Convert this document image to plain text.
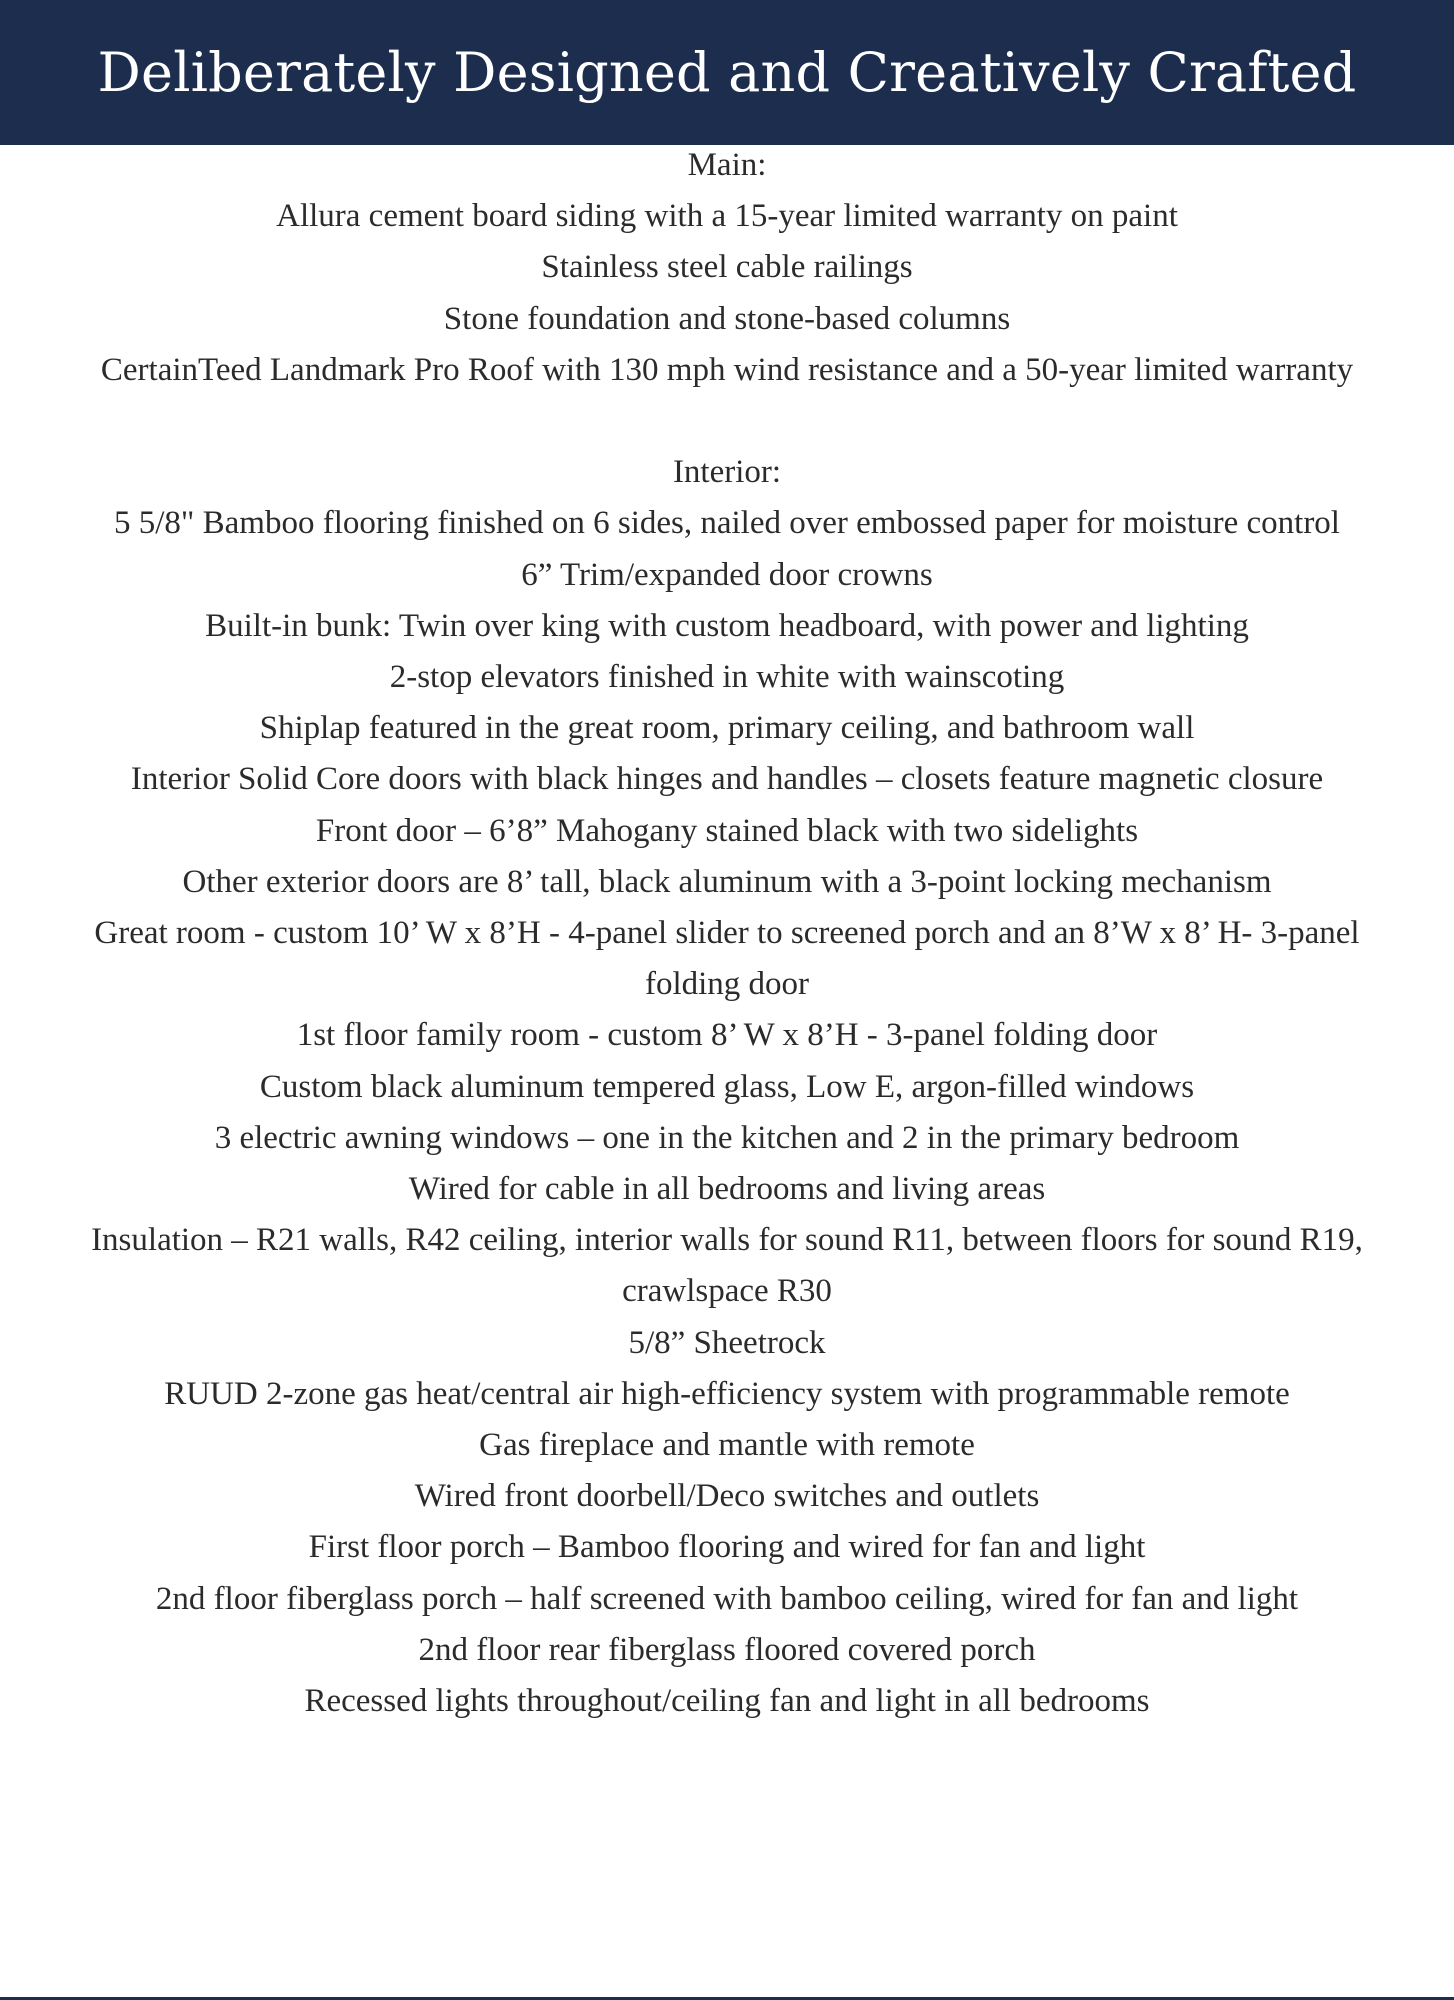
Deliberately Designed and Creatively Crafted

Main:

Allura cement board siding with a 15-year limited warranty on paint

Stainless steel cable railings

Stone foundation and stone-based columns

CertainTeed Landmark Pro Roof with 130 mph wind resistance and a 50-year limited warranty

Interior:

5 5/8" Bamboo flooring finished on 6 sides, nailed over embossed paper for moisture control

6” Trim/expanded door crowns

Built-in bunk: Twin over king with custom headboard, with power and lighting

2-stop elevators finished in white with wainscoting

Shiplap featured in the great room, primary ceiling, and bathroom wall

Interior Solid Core doors with black hinges and handles – closets feature magnetic closure

Front door – 6’8” Mahogany stained black with two sidelights

Other exterior doors are 8’ tall, black aluminum with a 3-point locking mechanism

Great room - custom 10’ W x 8’H - 4-panel slider to screened porch and an 8’W x 8’ H- 3-panel folding door

1st floor family room - custom 8’ W x 8’H - 3-panel folding door

Custom black aluminum tempered glass, Low E, argon-filled windows

3 electric awning windows – one in the kitchen and 2 in the primary bedroom

Wired for cable in all bedrooms and living areas

Insulation – R21 walls, R42 ceiling, interior walls for sound R11, between floors for sound R19, crawlspace R30

5/8” Sheetrock

RUUD 2-zone gas heat/central air high-efficiency system with programmable remote

Gas fireplace and mantle with remote

Wired front doorbell/Deco switches and outlets

First floor porch – Bamboo flooring and wired for fan and light

2nd floor fiberglass porch – half screened with bamboo ceiling, wired for fan and light

2nd floor rear fiberglass floored covered porch

Recessed lights throughout/ceiling fan and light in all bedrooms
